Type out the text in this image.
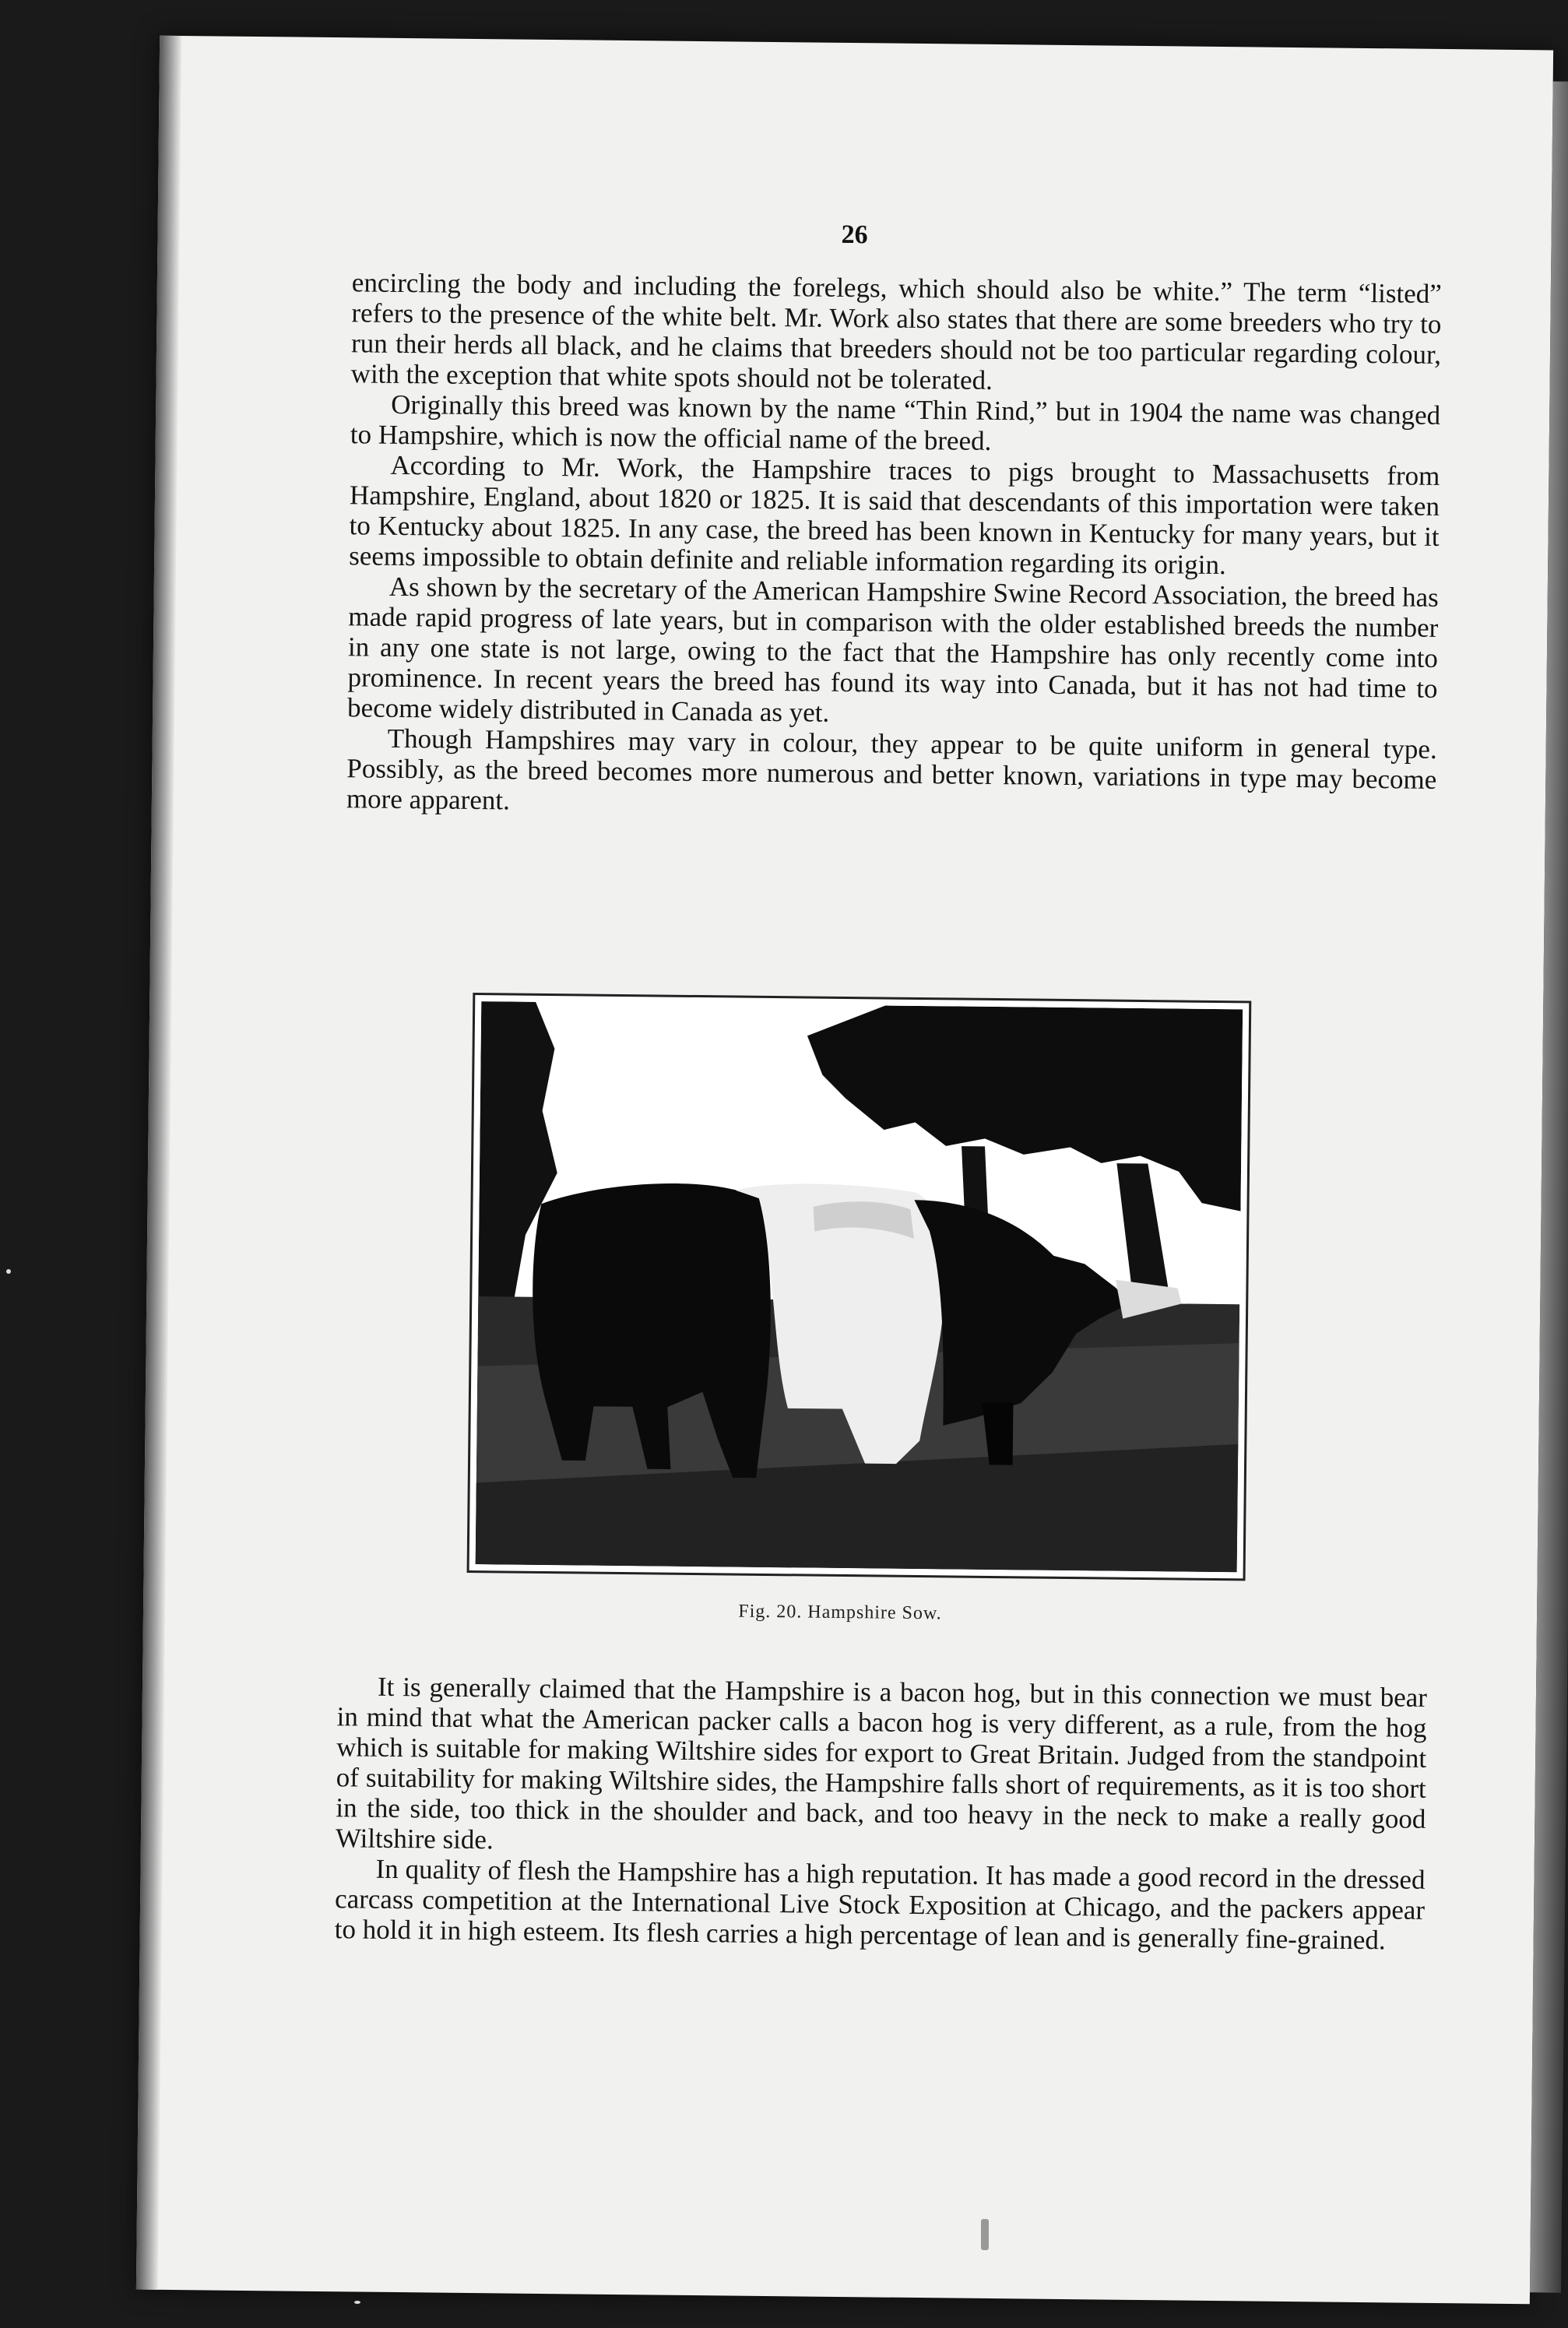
26

encircling the body and including the forelegs, which should also be white.” The term “listed” refers to the presence of the white belt. Mr. Work also states that there are some breeders who try to run their herds all black, and he claims that breeders should not be too particular regarding colour, with the exception that white spots should not be tolerated.

Originally this breed was known by the name “Thin Rind,” but in 1904 the name was changed to Hampshire, which is now the official name of the breed.

According to Mr. Work, the Hampshire traces to pigs brought to Massachusetts from Hampshire, England, about 1820 or 1825. It is said that descendants of this importation were taken to Kentucky about 1825. In any case, the breed has been known in Kentucky for many years, but it seems impossible to obtain definite and reliable information regarding its origin.

As shown by the secretary of the American Hampshire Swine Record Association, the breed has made rapid progress of late years, but in comparison with the older established breeds the number in any one state is not large, owing to the fact that the Hampshire has only recently come into prominence. In recent years the breed has found its way into Canada, but it has not had time to become widely distributed in Canada as yet.

Though Hampshires may vary in colour, they appear to be quite uniform in general type. Possibly, as the breed becomes more numerous and better known, variations in type may become more apparent.

Fig. 20. Hampshire Sow.

It is generally claimed that the Hampshire is a bacon hog, but in this connection we must bear in mind that what the American packer calls a bacon hog is very different, as a rule, from the hog which is suitable for making Wiltshire sides for export to Great Britain. Judged from the standpoint of suitability for making Wiltshire sides, the Hampshire falls short of requirements, as it is too short in the side, too thick in the shoulder and back, and too heavy in the neck to make a really good Wiltshire side.

In quality of flesh the Hampshire has a high reputation. It has made a good record in the dressed carcass competition at the International Live Stock Exposition at Chicago, and the packers appear to hold it in high esteem. Its flesh carries a high percentage of lean and is generally fine-grained.
